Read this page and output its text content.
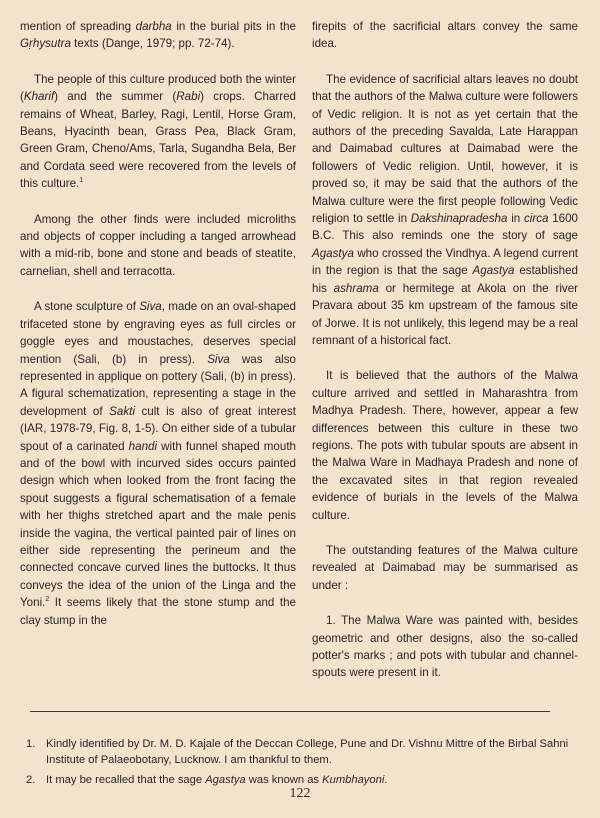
mention of spreading darbha in the burial pits in the Gṛhysutra texts (Dange, 1979; pp. 72-74).

The people of this culture produced both the winter (Kharif) and the summer (Rabi) crops. Charred remains of Wheat, Barley, Ragi, Lentil, Horse Gram, Beans, Hyacinth bean, Grass Pea, Black Gram, Green Gram, Cheno/Ams, Tarla, Sugandha Bela, Ber and Cordata seed were recovered from the levels of this culture.$^1$

Among the other finds were included microliths and objects of copper including a tanged arrowhead with a mid-rib, bone and stone and beads of steatite, carnelian, shell and terracotta.

A stone sculpture of Siva, made on an oval-shaped trifaceted stone by engraving eyes as full circles or goggle eyes and moustaches, deserves special mention (Sali, (b) in press). Siva was also represented in applique on pottery (Sali, (b) in press). A figural schematization, representing a stage in the development of Sakti cult is also of great interest (IAR, 1978-79, Fig. 8, 1-5). On either side of a tubular spout of a carinated handi with funnel shaped mouth and of the bowl with incurved sides occurs painted design which when looked from the front facing the spout suggests a figural schematisation of a female with her thighs stretched apart and the male penis inside the vagina, the vertical painted pair of lines on either side representing the perineum and the connected concave curved lines the buttocks. It thus conveys the idea of the union of the Linga and the Yoni.$^2$ It seems likely that the stone stump and the clay stump in the

firepits of the sacrificial altars convey the same idea.

The evidence of sacrificial altars leaves no doubt that the authors of the Malwa culture were followers of Vedic religion. It is not as yet certain that the authors of the preceding Savalda, Late Harappan and Daimabad cultures at Daimabad were the followers of Vedic religion. Until, however, it is proved so, it may be said that the authors of the Malwa culture were the first people following Vedic religion to settle in Dakshinapradesha in circa 1600 B.C. This also reminds one the story of sage Agastya who crossed the Vindhya. A legend current in the region is that the sage Agastya established his ashrama or hermitege at Akola on the river Pravara about 35 km upstream of the famous site of Jorwe. It is not unlikely, this legend may be a real remnant of a historical fact.

It is believed that the authors of the Malwa culture arrived and settled in Maharashtra from Madhya Pradesh. There, however, appear a few differences between this culture in these two regions. The pots with tubular spouts are absent in the Malwa Ware in Madhaya Pradesh and none of the excavated sites in that region revealed evidence of burials in the levels of the Malwa culture.

The outstanding features of the Malwa culture revealed at Daimabad may be summarised as under :

1. The Malwa Ware was painted with, besides geometric and other designs, also the so-called potter's marks ; and pots with tubular and channel-spouts were present in it.

1. Kindly identified by Dr. M. D. Kajale of the Deccan College, Pune and Dr. Vishnu Mittre of the Birbal Sahni Institute of Palaeobotany, Lucknow. I am thankful to them.
2. It may be recalled that the sage Agastya was known as Kumbhayoni.
122
